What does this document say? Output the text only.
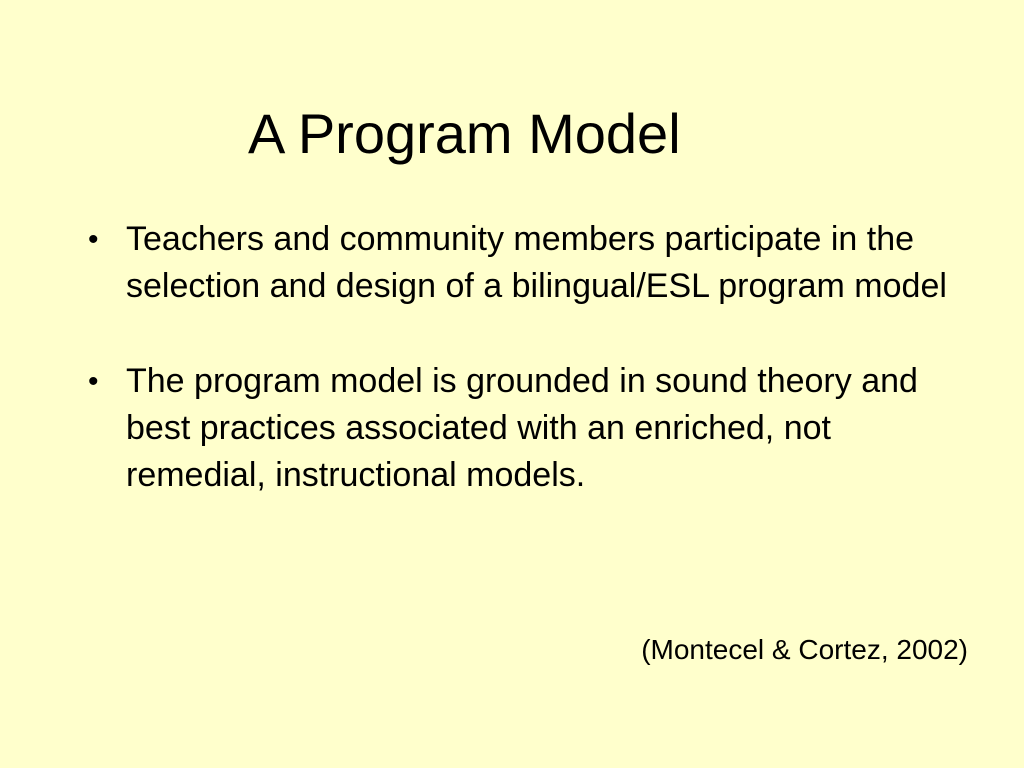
A Program Model
• Teachers and community members participate in the selection and design of a bilingual/ESL program model
• The program model is grounded in sound theory and best practices associated with an enriched, not remedial, instructional models.
(Montecel & Cortez, 2002)
